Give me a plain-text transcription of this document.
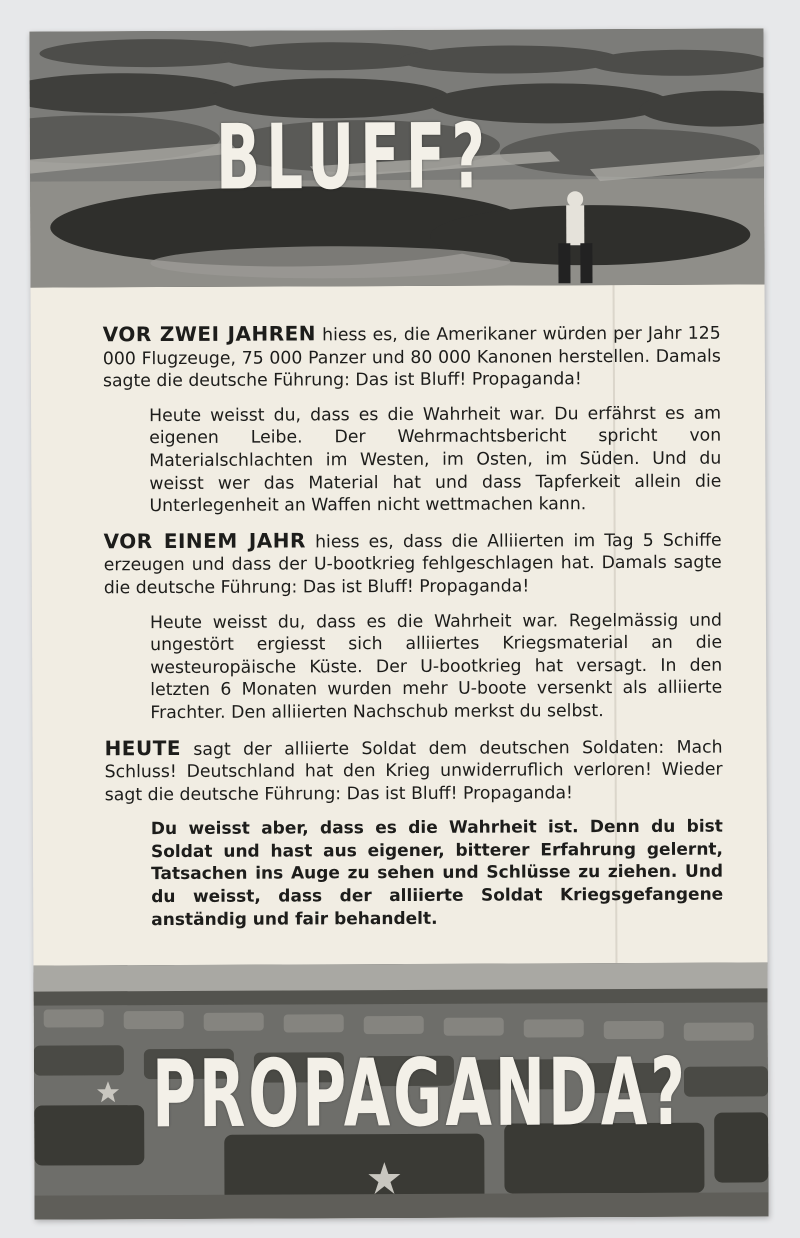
BLUFF?

VOR ZWEI JAHREN hiess es, die Amerikaner würden per Jahr 125 000 Flugzeuge, 75 000 Panzer und 80 000 Kanonen herstellen. Damals sagte die deutsche Führung: Das ist Bluff! Propaganda!

Heute weisst du, dass es die Wahrheit war. Du erfährst es am eigenen Leibe. Der Wehrmachtsbericht spricht von Materialschlachten im Westen, im Osten, im Süden. Und du weisst wer das Material hat und dass Tapferkeit allein die Unterlegenheit an Waffen nicht wettmachen kann.

VOR EINEM JAHR hiess es, dass die Alliierten im Tag 5 Schiffe erzeugen und dass der U-bootkrieg fehlgeschlagen hat. Damals sagte die deutsche Führung: Das ist Bluff! Propaganda!

Heute weisst du, dass es die Wahrheit war. Regelmässig und ungestört ergiesst sich alliiertes Kriegsmaterial an die westeuropäische Küste. Der U-bootkrieg hat versagt. In den letzten 6 Monaten wurden mehr U-boote versenkt als alliierte Frachter. Den alliierten Nachschub merkst du selbst.

HEUTE sagt der alliierte Soldat dem deutschen Soldaten: Mach Schluss! Deutschland hat den Krieg unwiderruflich verloren! Wieder sagt die deutsche Führung: Das ist Bluff! Propaganda!

Du weisst aber, dass es die Wahrheit ist. Denn du bist Soldat und hast aus eigener, bitterer Erfahrung gelernt, Tatsachen ins Auge zu sehen und Schlüsse zu ziehen. Und du weisst, dass der alliierte Soldat Kriegsgefangene anständig und fair behandelt.

PROPAGANDA?
